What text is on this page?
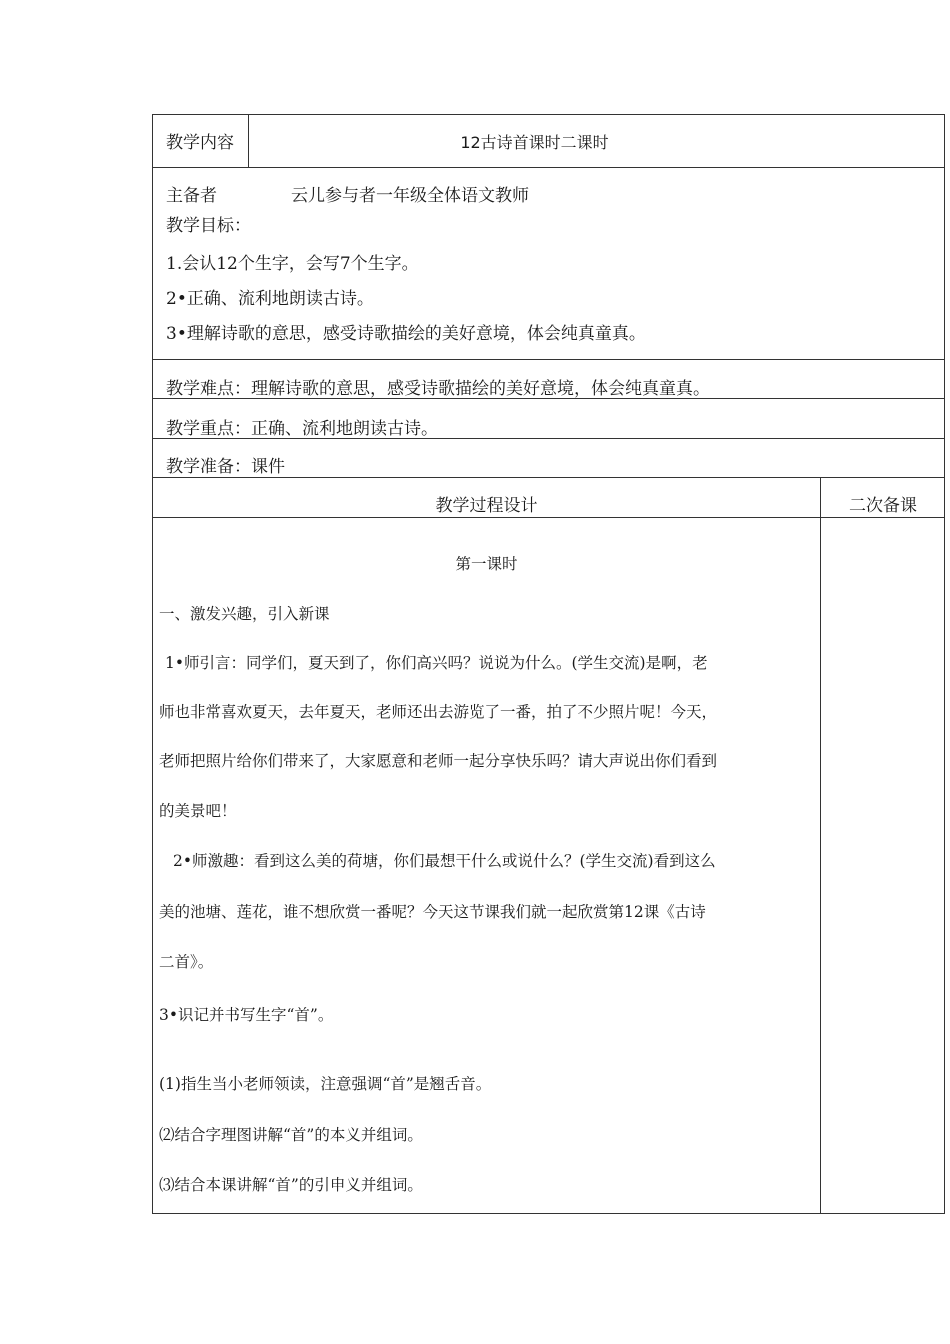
教学内容	12古诗首课时二课时
主备者	云儿参与者一年级全体语文教师
教学目标：
1.会认12个生字，会写7个生字。
2•正确、流利地朗读古诗。
3•理解诗歌的意思，感受诗歌描绘的美好意境，体会纯真童真。
教学难点：理解诗歌的意思，感受诗歌描绘的美好意境，体会纯真童真。
教学重点：正确、流利地朗读古诗。
教学准备：课件
教学过程设计	二次备课
第一课时
一、激发兴趣，引入新课
1•师引言：同学们，夏天到了，你们高兴吗？说说为什么。(学生交流)是啊，老
师也非常喜欢夏天，去年夏天，老师还出去游览了一番，拍了不少照片呢！今天，
老师把照片给你们带来了，大家愿意和老师一起分享快乐吗？请大声说出你们看到
的美景吧！
2•师激趣：看到这么美的荷塘，你们最想干什么或说什么？(学生交流)看到这么
美的池塘、莲花，谁不想欣赏一番呢？今天这节课我们就一起欣赏第12课《古诗
二首》。
3•识记并书写生字“首”。
(1)指生当小老师领读，注意强调“首”是翘舌音。
⑵结合字理图讲解“首”的本义并组词。
⑶结合本课讲解“首”的引申义并组词。
